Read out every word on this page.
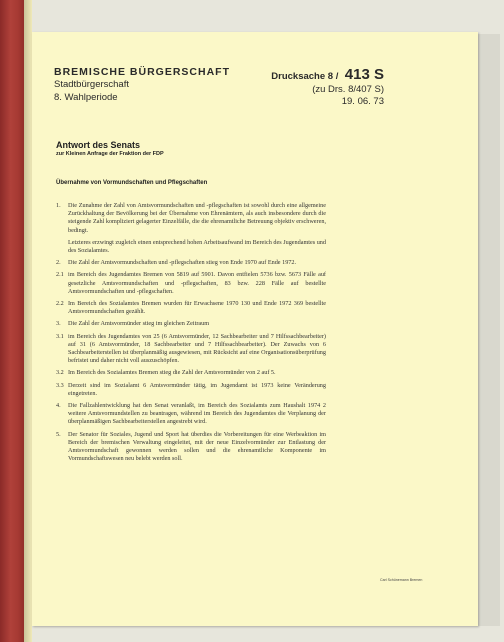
BREMISCHE BÜRGERSCHAFT
Stadtbürgerschaft
8. Wahlperiode
Drucksache 8 / 413 S
(zu Drs. 8/407 S)
19. 06. 73
Antwort des Senats
zur Kleinen Anfrage der Fraktion der FDP
Übernahme von Vormundschaften und Pflegschaften
1.	Die Zunahme der Zahl von Amtsvormundschaften und -pflegschaften ist sowohl durch eine allgemeine Zurückhaltung der Bevölkerung bei der Übernahme von Ehrenämtern, als auch insbesondere durch die steigende Zahl kompliziert gelagerter Einzelfälle, die die ehrenamtliche Betreuung objektiv erschweren, bedingt.
Letzteres erzwingt zugleich einen entsprechend hohen Arbeitsaufwand im Bereich des Jugendamtes und des Sozialamtes.
2.	Die Zahl der Amtsvormundschaften und -pflegschaften stieg von Ende 1970 auf Ende 1972.
2.1 im Bereich des Jugendamtes Bremen von 5819 auf 5901. Davon entfielen 5736 bzw. 5673 Fälle auf gesetzliche Amtsvormundschaften und -pflegschaften, 83 bzw. 228 Fälle auf bestellte Amtsvormundschaften und -pflegschaften.
2.2 Im Bereich des Sozialamtes Bremen wurden für Erwachsene 1970 130 und Ende 1972 369 bestellte Amtsvormundschaften gezählt.
3.	Die Zahl der Amtsvormünder stieg im gleichen Zeitraum
3.1 im Bereich des Jugendamtes von 25 (6 Amtsvormünder, 12 Sachbearbeiter und 7 Hilfssachbearbeiter) auf 31 (6 Amtsvormünder, 18 Sachbearbeiter und 7 Hilfssachbearbeiter). Der Zuwachs von 6 Sachbearbeiterstellen ist überplanmäßig ausgewiesen, mit Rücksicht auf eine Organisationsüberprüfung befristet und daher nicht voll auszuschöpfen.
3.2 Im Bereich des Sozialamtes Bremen stieg die Zahl der Amtsvormünder von 2 auf 5.
3.3 Derzeit sind im Sozialamt 6 Amtsvormünder tätig, im Jugendamt ist 1973 keine Veränderung eingetreten.
4.	Die Fallzahlentwicklung hat den Senat veranlaßt, im Bereich des Sozialamts zum Haushalt 1974 2 weitere Amtsvormundstellen zu beantragen, während im Bereich des Jugendamtes die Verplanung der überplanmäßigen Sachbearbeiterstellen angestrebt wird.
5.	Der Senator für Soziales, Jugend und Sport hat überdies die Vorbereitungen für eine Werbeaktion im Bereich der bremischen Verwaltung eingeleitet, mit der neue Einzelvormünder zur Entlastung der Amtsvormundschaft gewonnen werden sollen und die ehrenamtliche Komponente im Vormundschaftswesen neu belebt werden soll.
Carl Schünemann Bremen
